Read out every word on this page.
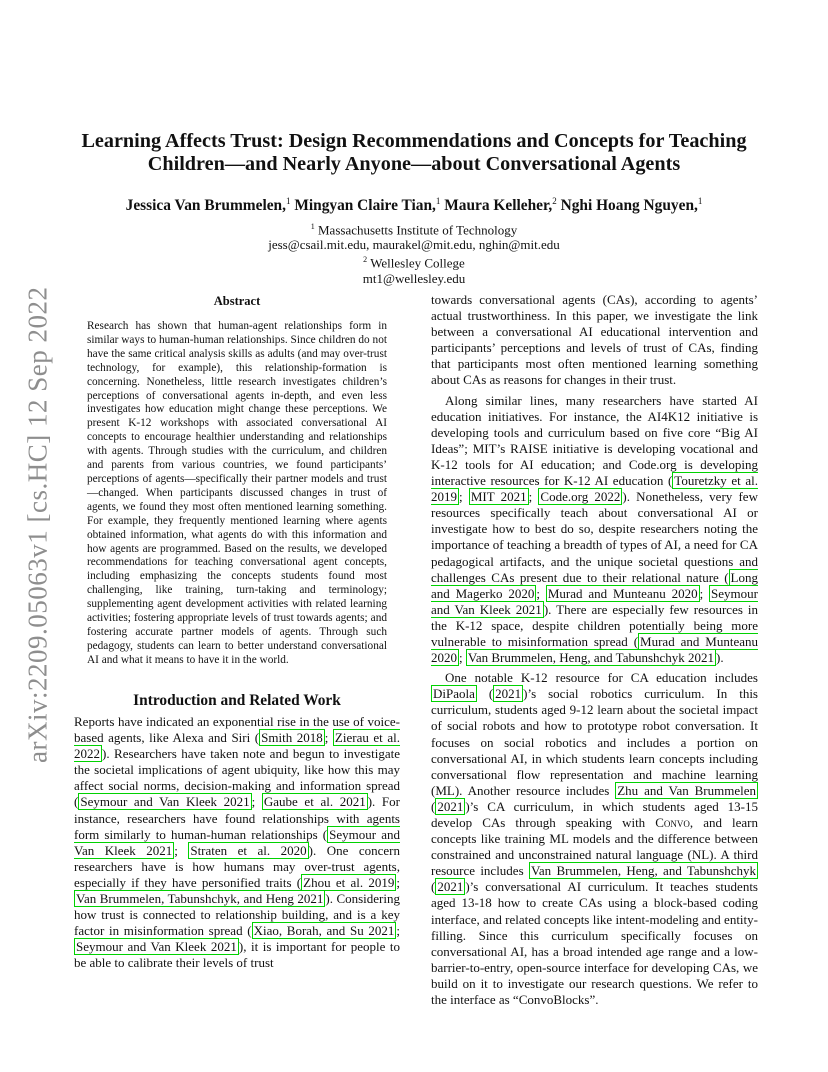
arXiv:2209.05063v1 [cs.HC] 12 Sep 2022

Learning Affects Trust: Design Recommendations and Concepts for Teaching
Children—and Nearly Anyone—about Conversational Agents

Jessica Van Brummelen,$^1$ Mingyan Claire Tian,$^1$ Maura Kelleher,$^2$ Nghi Hoang Nguyen,$^1$
$^1$ Massachusetts Institute of Technology
jess@csail.mit.edu, maurakel@mit.edu, nghin@mit.edu
$^2$ Wellesley College
mt1@wellesley.edu
Abstract
Research has shown that human-agent relationships form in similar ways to human-human relationships. Since children do not have the same critical analysis skills as adults (and may over-trust technology, for example), this relationship-formation is concerning. Nonetheless, little research investigates children’s perceptions of conversational agents in-depth, and even less investigates how education might change these perceptions. We present K-12 workshops with associated conversational AI concepts to encourage healthier understanding and relationships with agents. Through studies with the curriculum, and children and parents from various countries, we found participants’ perceptions of agents—specifically their partner models and trust—changed. When participants discussed changes in trust of agents, we found they most often mentioned learning something. For example, they frequently mentioned learning where agents obtained information, what agents do with this information and how agents are programmed. Based on the results, we developed recommendations for teaching conversational agent concepts, including emphasizing the concepts students found most challenging, like training, turn-taking and terminology; supplementing agent development activities with related learning activities; fostering appropriate levels of trust towards agents; and fostering accurate partner models of agents. Through such pedagogy, students can learn to better understand conversational AI and what it means to have it in the world.
Introduction and Related Work
Reports have indicated an exponential rise in the use of voice-based agents, like Alexa and Siri ( Smith 2018 ; Zierau et al. 2022 ). Researchers have taken note and begun to investigate the societal implications of agent ubiquity, like how this may affect social norms, decision-making and information spread ( Seymour and Van Kleek 2021 ; Gaube et al. 2021 ). For instance, researchers have found relationships with agents form similarly to human-human relationships ( Seymour and Van Kleek 2021 ; Straten et al. 2020 ). One concern researchers have is how humans may over-trust agents, especially if they have personified traits ( Zhou et al. 2019 ; Van Brummelen, Tabunshchyk, and Heng 2021 ). Considering how trust is connected to relationship building, and is a key factor in misinformation spread ( Xiao, Borah, and Su 2021 ; Seymour and Van Kleek 2021 ), it is important for people to be able to calibrate their levels of trust

towards conversational agents (CAs), according to agents’ actual trustworthiness. In this paper, we investigate the link between a conversational AI educational intervention and participants’ perceptions and levels of trust of CAs, finding that participants most often mentioned learning something about CAs as reasons for changes in their trust.

Along similar lines, many researchers have started AI education initiatives. For instance, the AI4K12 initiative is developing tools and curriculum based on five core “Big AI Ideas”; MIT’s RAISE initiative is developing vocational and K-12 tools for AI education; and Code.org is developing interactive resources for K-12 AI education ( Touretzky et al. 2019 ; MIT 2021 ; Code.org 2022 ). Nonetheless, very few resources specifically teach about conversational AI or investigate how to best do so, despite researchers noting the importance of teaching a breadth of types of AI, a need for CA pedagogical artifacts, and the unique societal questions and challenges CAs present due to their relational nature ( Long and Magerko 2020 ; Murad and Munteanu 2020 ; Seymour and Van Kleek 2021 ). There are especially few resources in the K-12 space, despite children potentially being more vulnerable to misinformation spread ( Murad and Munteanu 2020 ; Van Brummelen, Heng, and Tabunshchyk 2021 ).

One notable K-12 resource for CA education includes DiPaola ( 2021 )’s social robotics curriculum. In this curriculum, students aged 9-12 learn about the societal impact of social robots and how to prototype robot conversation. It focuses on social robotics and includes a portion on conversational AI, in which students learn concepts including conversational flow representation and machine learning (ML). Another resource includes Zhu and Van Brummelen ( 2021 )’s CA curriculum, in which students aged 13-15 develop CAs through speaking with Convo, and learn concepts like training ML models and the difference between constrained and unconstrained natural language (NL). A third resource includes Van Brummelen, Heng, and Tabunshchyk ( 2021 )’s conversational AI curriculum. It teaches students aged 13-18 how to create CAs using a block-based coding interface, and related concepts like intent-modeling and entity-filling. Since this curriculum specifically focuses on conversational AI, has a broad intended age range and a low-barrier-to-entry, open-source interface for developing CAs, we build on it to investigate our research questions. We refer to the interface as “ConvoBlocks”.
